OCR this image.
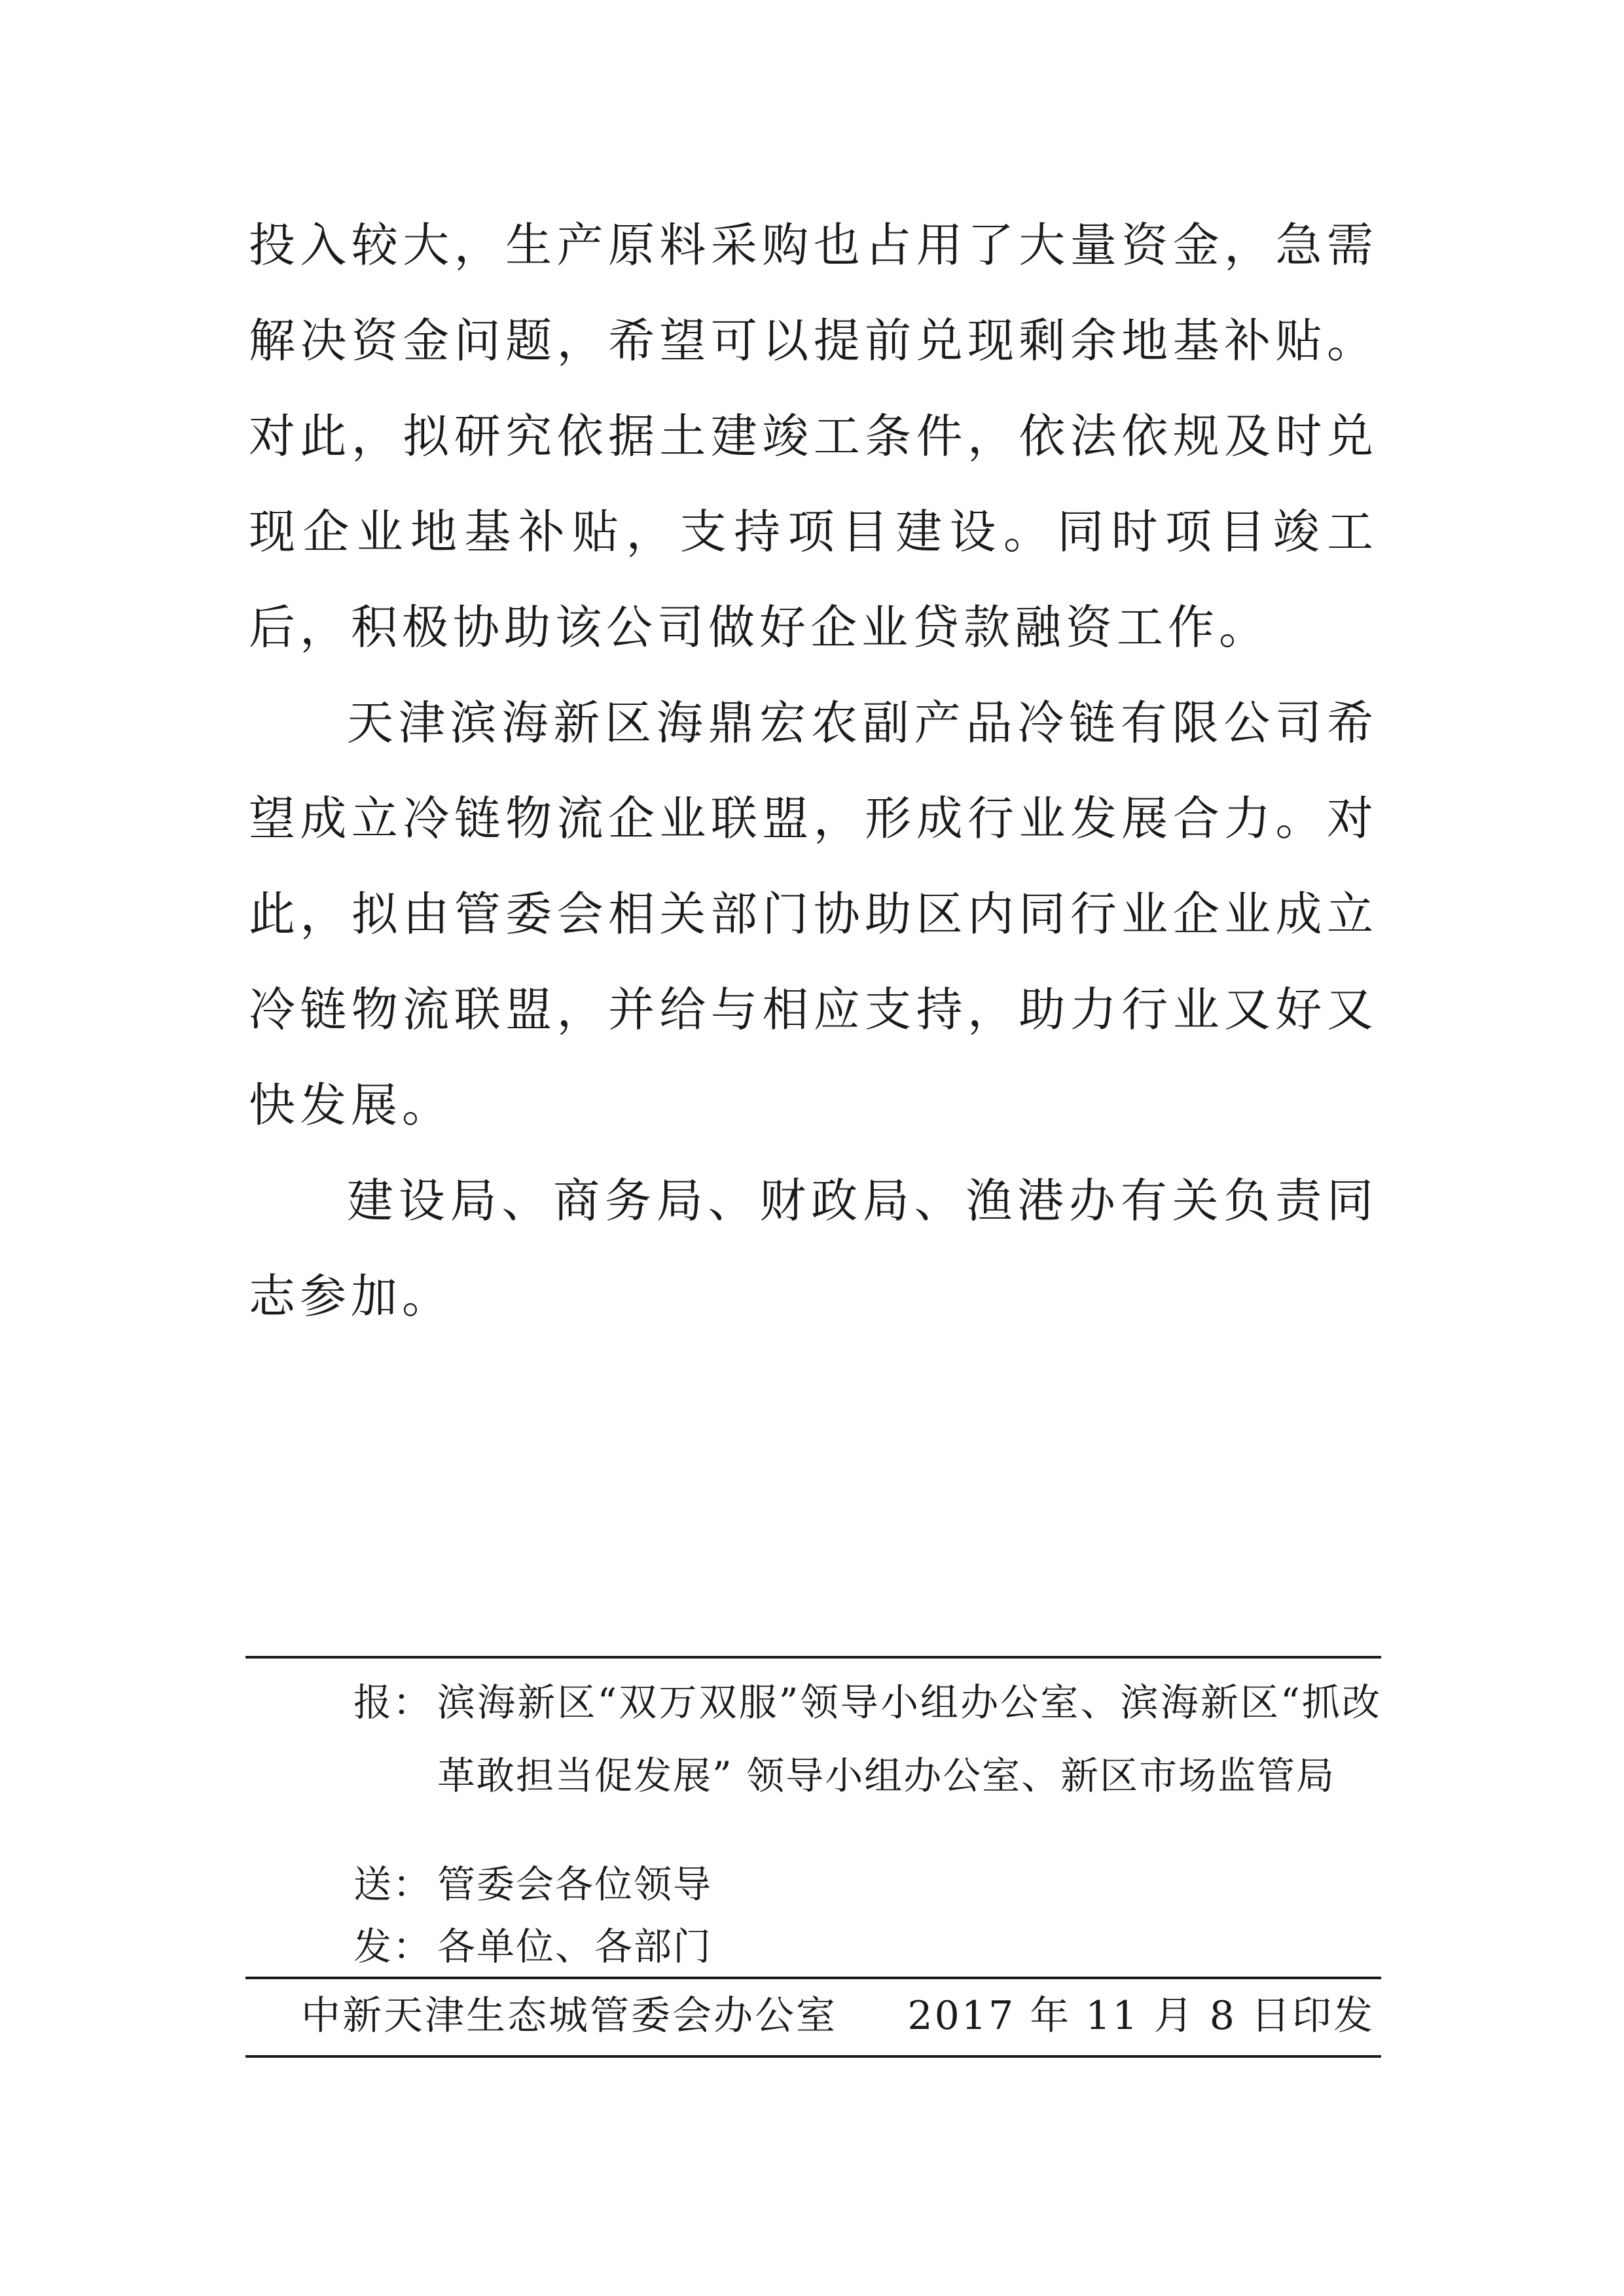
投入较大，生产原料采购也占用了大量资金，急需解决资金问题，希望可以提前兑现剩余地基补贴。对此，拟研究依据土建竣工条件，依法依规及时兑现企业地基补贴，支持项目建设。同时项目竣工后，积极协助该公司做好企业贷款融资工作。

天津滨海新区海鼎宏农副产品冷链有限公司希望成立冷链物流企业联盟，形成行业发展合力。对此，拟由管委会相关部门协助区内同行业企业成立冷链物流联盟，并给与相应支持，助力行业又好又快发展。

建设局、商务局、财政局、渔港办有关负责同志参加。

报： 滨海新区“双万双服”领导小组办公室、滨海新区“抓改革敢担当促发展” 领导小组办公室、新区市场监管局
送： 管委会各位领导
发： 各单位、各部门
中新天津生态城管委会办公室 2017 年 11 月 8 日印发
